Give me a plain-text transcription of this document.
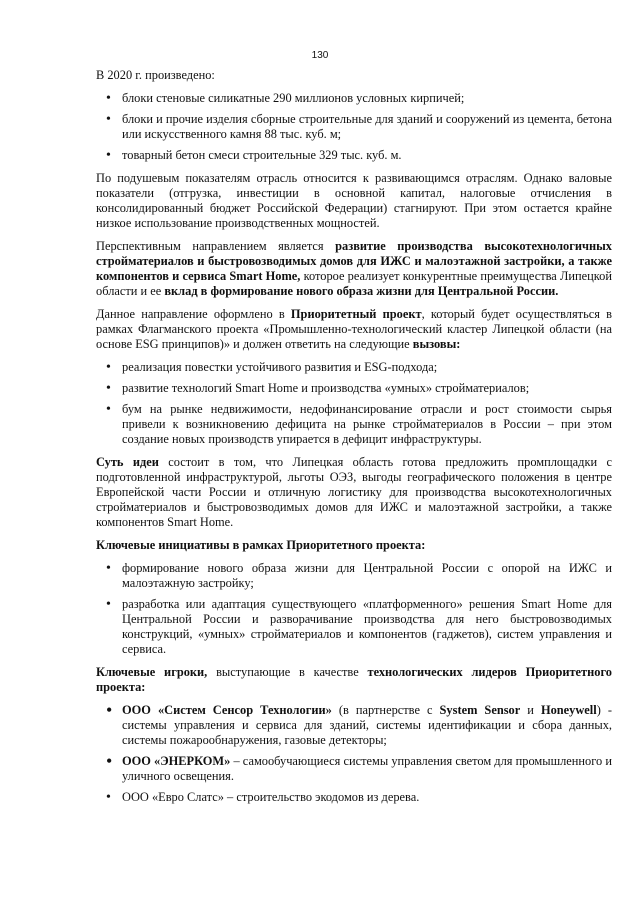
130

В 2020 г. произведено:

• блоки стеновые силикатные 290 миллионов условных кирпичей;
• блоки и прочие изделия сборные строительные для зданий и сооружений из цемента, бетона или искусственного камня 88 тыс. куб. м;
• товарный бетон смеси строительные 329 тыс. куб. м.

По подушевым показателям отрасль относится к развивающимся отраслям. Однако валовые показатели (отгрузка, инвестиции в основной капитал, налоговые отчисления в консолидированный бюджет Российской Федерации) стагнируют. При этом остается крайне низкое использование производственных мощностей.

Перспективным направлением является развитие производства высокотехнологичных стройматериалов и быстровозводимых домов для ИЖС и малоэтажной застройки, а также компонентов и сервиса Smart Home, которое реализует конкурентные преимущества Липецкой области и ее вклад в формирование нового образа жизни для Центральной России.

Данное направление оформлено в Приоритетный проект, который будет осуществляться в рамках Флагманского проекта «Промышленно-технологический кластер Липецкой области (на основе ESG принципов)» и должен ответить на следующие вызовы:

• реализация повестки устойчивого развития и ESG-подхода;
• развитие технологий Smart Home и производства «умных» стройматериалов;
• бум на рынке недвижимости, недофинансирование отрасли и рост стоимости сырья привели к возникновению дефицита на рынке стройматериалов в России – при этом создание новых производств упирается в дефицит инфраструктуры.

Суть идеи состоит в том, что Липецкая область готова предложить промплощадки с подготовленной инфраструктурой, льготы ОЭЗ, выгоды географического положения в центре Европейской части России и отличную логистику для производства высокотехнологичных стройматериалов и быстровозводимых домов для ИЖС и малоэтажной застройки, а также компонентов Smart Home.

Ключевые инициативы в рамках Приоритетного проекта:

• формирование нового образа жизни для Центральной России с опорой на ИЖС и малоэтажную застройку;
• разработка или адаптация существующего «платформенного» решения Smart Home для Центральной России и разворачивание производства для него быстровозводимых конструкций, «умных» стройматериалов и компонентов (гаджетов), систем управления и сервиса.

Ключевые игроки, выступающие в качестве технологических лидеров Приоритетного проекта:

• ООО «Систем Сенсор Технологии» (в партнерстве с System Sensor и Honeywell) - системы управления и сервиса для зданий, системы идентификации и сбора данных, системы пожарообнаружения, газовые детекторы;
• ООО «ЭНЕРКОМ» – самообучающиеся системы управления светом для промышленного и уличного освещения.
• ООО «Евро Слатс» – строительство экодомов из дерева.
